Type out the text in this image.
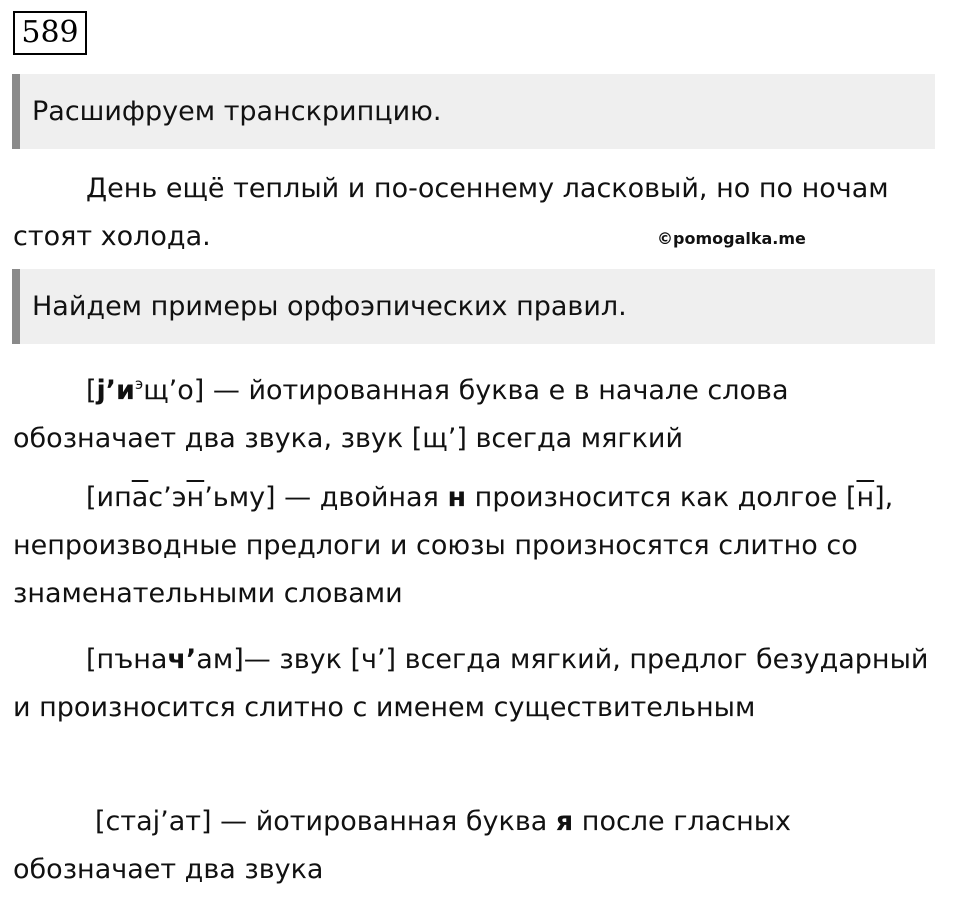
589
Расшифруем транскрипцию.

День ещё теплый и по-осеннему ласковый, но по ночам стоят холода.	©pomogalka.me
Найдем примеры орфоэпических правил.

$[j’и^эщ’о]$ — йотированная буква е в начале слова обозначает два звука, звук [щ’] всегда мягкий

[ипас’эн’ьму] — двойная н произносится как долгое [н], непроизводные предлоги и союзы произносятся слитно со знаменательными словами

[пънач’ам]— звук [ч’] всегда мягкий, предлог безударный и произносится слитно с именем существительным

[стаj’ат] — йотированная буква я после гласных обозначает два звука
